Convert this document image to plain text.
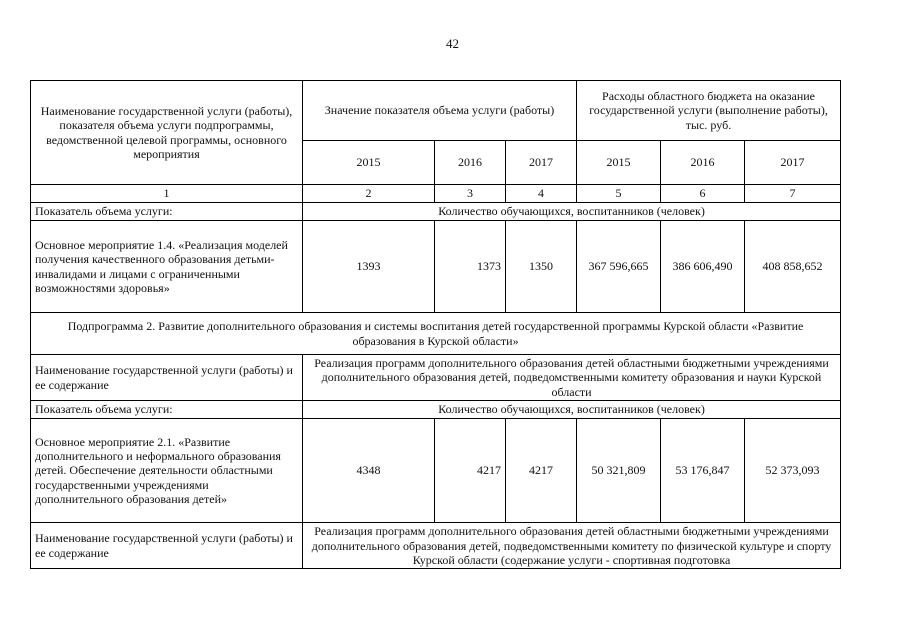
42
Наименование государственной услуги (работы), показателя объема услуги подпрограммы, ведомственной целевой программы, основного мероприятия	Значение показателя объема услуги (работы)			Расходы областного бюджета на оказание государственной услуги (выполнение работы),
тыс. руб.		
	2015	2016	2017	2015	2016	2017
1	2	3	4	5	6	7
Показатель объема услуги:	Количество обучающихся, воспитанников (человек)					
Основное мероприятие 1.4. «Реализация моделей получения качественного образования детьми-инвалидами и лицами с ограниченными возможностями здоровья»	1393	1373	1350	367 596,665	386 606,490	408 858,652
Подпрограмма 2. Развитие дополнительного образования и системы воспитания детей государственной программы Курской области «Развитие образования в Курской области»						
Наименование государственной услуги (работы) и ее содержание	Реализация программ дополнительного образования детей областными бюджетными учреждениями дополнительного образования детей, подведомственными комитету образования и науки Курской области					
Показатель объема услуги:	Количество обучающихся, воспитанников (человек)					
Основное мероприятие 2.1. «Развитие дополнительного и неформального образования детей. Обеспечение деятельности областными государственными учреждениями дополнительного образования детей»	4348	4217	4217	50 321,809	53 176,847	52 373,093
Наименование государственной услуги (работы) и ее содержание	Реализация программ дополнительного образования детей областными бюджетными учреждениями дополнительного образования детей, подведомственными комитету по физической культуре и спорту Курской области (содержание услуги - спортивная подготовка					
